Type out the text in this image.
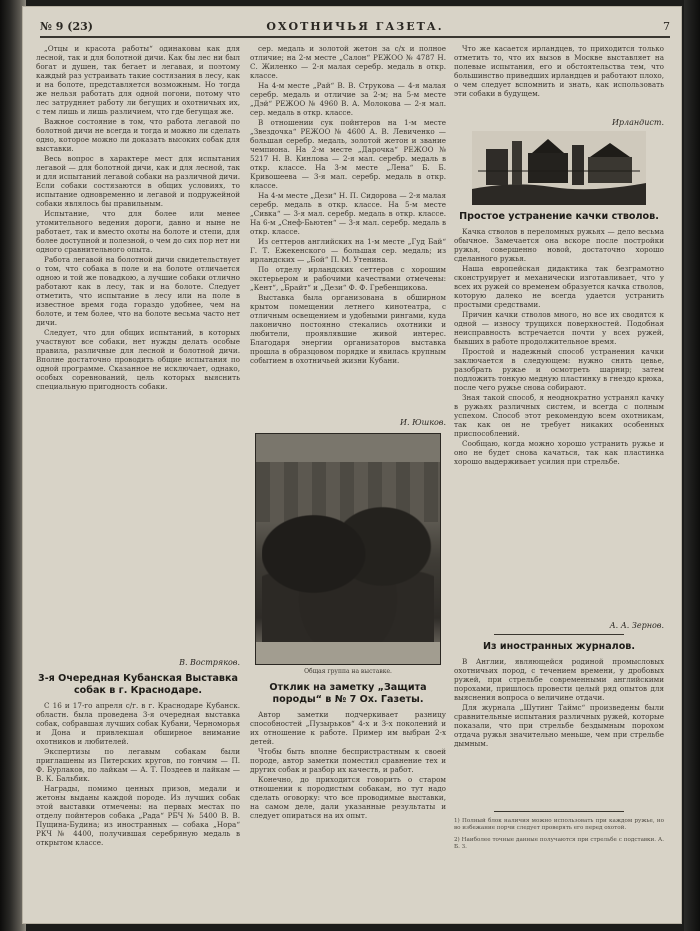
№ 9 (23)	ОХОТНИЧЬЯ ГАЗЕТА.	7

„Отцы и красота работы“ одинаковы как для лесной, так и для болотной дичи. Как бы лес ни был богат и душен, так бегает и легавая, и поэтому каждый раз устраивать такие состязания в лесу, как и на болоте, представляется возможным. Но тогда же нельзя работать для одной погони, потому что лес затрудняет работу ли бегущих и охотничьих их, с тем лишь и лишь различием, что где бегущая же.

Важное состояние в том, что работа легавой по болотной дичи не всегда и тогда и можно ли сделать одно, которое можно ли доказать высоких собак для выставки.

Весь вопрос в характере мест для испытания легавой — для болотной дичи, как и для лесной, так и для испытаний легавой собаки на различной дичи. Если собаки состязаются в общих условиях, то испытание одновременно и легавой и подружейной собаки являлось бы правильным.

Испытание, что для более или менее утомительного ведения дороги, давно и ныне не работает, так и вместо охоты на болоте и степи, для более доступной и полезной, о чем до сих пор нет ни одного сравнительного опыта.

Работа легавой на болотной дичи свидетельствует о том, что собака в поле и на болоте отличается одною и той же повадкою, а лучшие собаки отлично работают как в лесу, так и на болоте. Следует отметить, что испытание в лесу или на поле в известное время года гораздо удобнее, чем на болоте, и тем более, что на болоте весьма часто нет дичи.

Следует, что для общих испытаний, в которых участвуют все собаки, нет нужды делать особые правила, различные для лесной и болотной дичи. Вполне достаточно проводить общие испытания по одной программе. Сказанное не исключает, однако, особых соревнований, цель которых выяснить специальную пригодность собаки.

В. Востряков.
3-я Очередная Кубанская Выставка собак в г. Краснодаре.

С 16 и 17-го апреля с/г. в г. Краснодаре Кубанск. областн. была проведена 3-я очередная выставка собак, собравшая лучших собак Кубани, Черноморья и Дона и привлекшая обширное внимание охотников и любителей.

Экспертизы по легавым собакам были приглашены из Питерских кругов, по гончим — П. Ф. Бурлаков, по лайкам — А. Т. Поздеев и лайкам — В. К. Бальбик.

Награды, помимо ценных призов, медали и жетоны выданы каждой породе. Из лучших собак этой выставки отмечены: на первых местах по отделу пойнтеров собака „Рада“ РБЧ № 5400 В. В. Пущина-Будина; из иностранных — собака „Нора“ РКЧ № 4400, получившая серебряную медаль в открытом классе.

сер. медаль и золотой жетон за с/х и полное отличие; на 2-м месте „Салон“ РЕЖОО № 4787 Н. С. Жиленко — 2-я малая серебр. медаль в откр. классе.

На 4-м месте „Рай“ В. В. Струкова — 4-я малая серебр. медаль и отличие за 2-м; на 5-м месте „Дэй“ РЕЖОО № 4960 В. А. Молокова — 2-я мал. сер. медаль в откр. классе.

В отношении сук пойнтеров на 1-м месте „Звездочка“ РЕЖОО № 4600 А. В. Левиченко — большая серебр. медаль, золотой жетон и звание чемпиона. На 2-м месте „Дарочка“ РЕЖОО № 5217 Н. В. Кинлова — 2-я мал. серебр. медаль в откр. классе. На 3-м месте „Лена“ Б. Б. Кривошеева — 3-я мал. серебр. медаль в откр. классе.

На 4-м месте „Дези“ Н. П. Сидорова — 2-я малая серебр. медаль в откр. классе. На 5-м месте „Сивка“ — 3-я мал. серебр. медаль в откр. классе. На 6-м „Снеф-Бьютен“ — 3-я мал. серебр. медаль в откр. классе.

Из сеттеров английских на 1-м месте „Гуд Бай“ Г. Т. Ежекенского — большая сер. медаль; из ирландских — „Бой“ П. М. Утенина.

По отделу ирландских сеттеров с хорошим экстерьером и рабочими качествами отмечены: „Кент“, „Брайт“ и „Дези“ Ф. Ф. Гребенщикова.

Выставка была организована в обширном крытом помещении летнего кинотеатра, с отличным освещением и удобными рингами, куда лаконично постоянно стекались охотники и любители, проявлявшие живой интерес. Благодаря энергии организаторов выставка прошла в образцовом порядке и явилась крупным событием в охотничьей жизни Кубани.

И. Юшков.
Общая группа на выставке.
Отклик на заметку „Защита породы“ в № 7 Ох. Газеты.

Автор заметки подчеркивает разницу способностей „Пузырьков“ 4-х и 3-х поколений и их отношение к работе. Пример им выбран 2-х детей.

Чтобы быть вполне беспристрастным к своей породе, автор заметки поместил сравнение тех и других собак и разбор их качеств, и работ.

Конечно, до приходится говорить о старом отношении к породистым собакам, но тут надо сделать оговорку: что все проводимые выставки, на самом деле, дали указанные результаты и следует опираться на их опыт.

Что же касается ирландцев, то приходится только отметить то, что их вызов в Москве выставляет на полевые испытания, его и обстоятельства тем, что большинство приведших ирландцев и работают плохо, о чем следует вспомнить и знать, как использовать эти собаки в будущем.

Ирландист.
Простое устранение качки стволов.

Качка стволов в переломных ружьях — дело весьма обычное. Замечается она вскоре после постройки ружья, совершенно новой, достаточно хорошо сделанного ружья.

Наша европейская дидактика так безграмотно сконструирует и механически изготавливает, что у всех их ружей со временем образуется качка стволов, которую далеко не всегда удается устранить простыми средствами.

Причин качки стволов много, но все их сводятся к одной — износу трущихся поверхностей. Подобная неисправность встречается почти у всех ружей, бывших в работе продолжительное время.

Простой и надежный способ устранения качки заключается в следующем: нужно снять цевье, разобрать ружье и осмотреть шарнир; затем подложить тонкую медную пластинку в гнездо крюка, после чего ружье снова собирают.

Зная такой способ, я неоднократно устранял качку в ружьях различных систем, и всегда с полным успехом. Способ этот рекомендую всем охотникам, так как он не требует никаких особенных приспособлений.

Сообщаю, когда можно хорошо устранить ружье и оно не будет снова качаться, так как пластинка хорошо выдерживает усилия при стрельбе.

А. А. Зернов.
Из иностранных журналов.

В Англии, являющейся родиной промысловых охотничьих пород, с течением времени, у дробовых ружей, при стрельбе современными английскими порохами, пришлось провести целый ряд опытов для выяснения вопроса о величине отдачи.

Для журнала „Шутинг Таймс“ произведены были сравнительные испытания различных ружей, которые показали, что при стрельбе бездымным порохом отдача ружья значительно меньше, чем при стрельбе дымным.

1) Полный блок наличия можно использовать при каждом ружье, но во избежание порчи следует проверять его перед охотой.

2) Наиболее точные данные получаются при стрельбе с подставки. А. Б. З.
